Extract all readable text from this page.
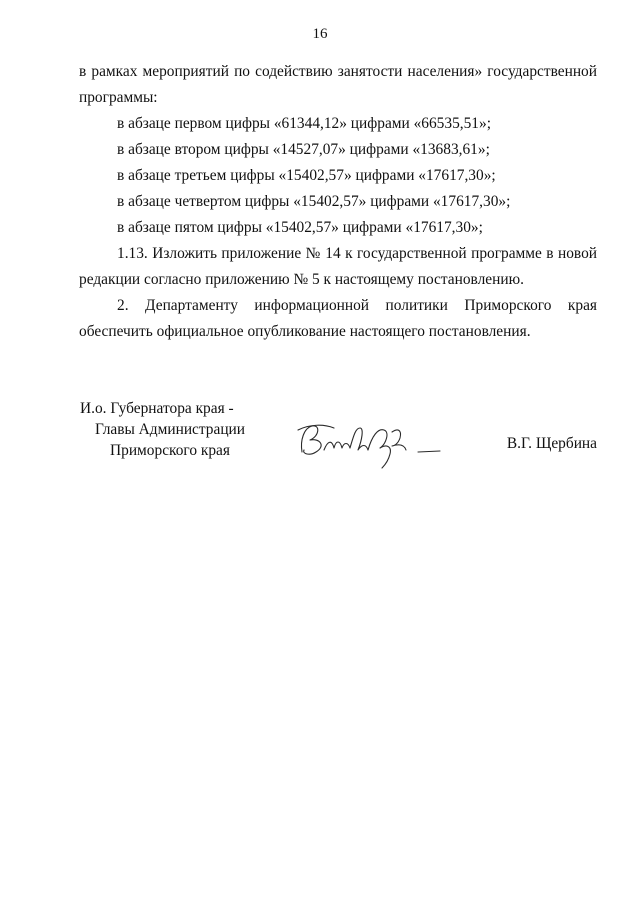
16

в рамках мероприятий по содействию занятости населения» государственной

программы:

в абзаце первом цифры «61344,12» цифрами «66535,51»;

в абзаце втором цифры «14527,07» цифрами «13683,61»;

в абзаце третьем цифры «15402,57» цифрами «17617,30»;

в абзаце четвертом цифры «15402,57» цифрами «17617,30»;

в абзаце пятом цифры «15402,57» цифрами «17617,30»;

1.13. Изложить приложение № 14 к государственной программе в новой

редакции согласно приложению № 5 к настоящему постановлению.

2. Департаменту информационной политики Приморского края

обеспечить официальное опубликование настоящего постановления.

И.о. Губернатора края -
Главы Администрации
Приморского края	В.Г. Щербина
